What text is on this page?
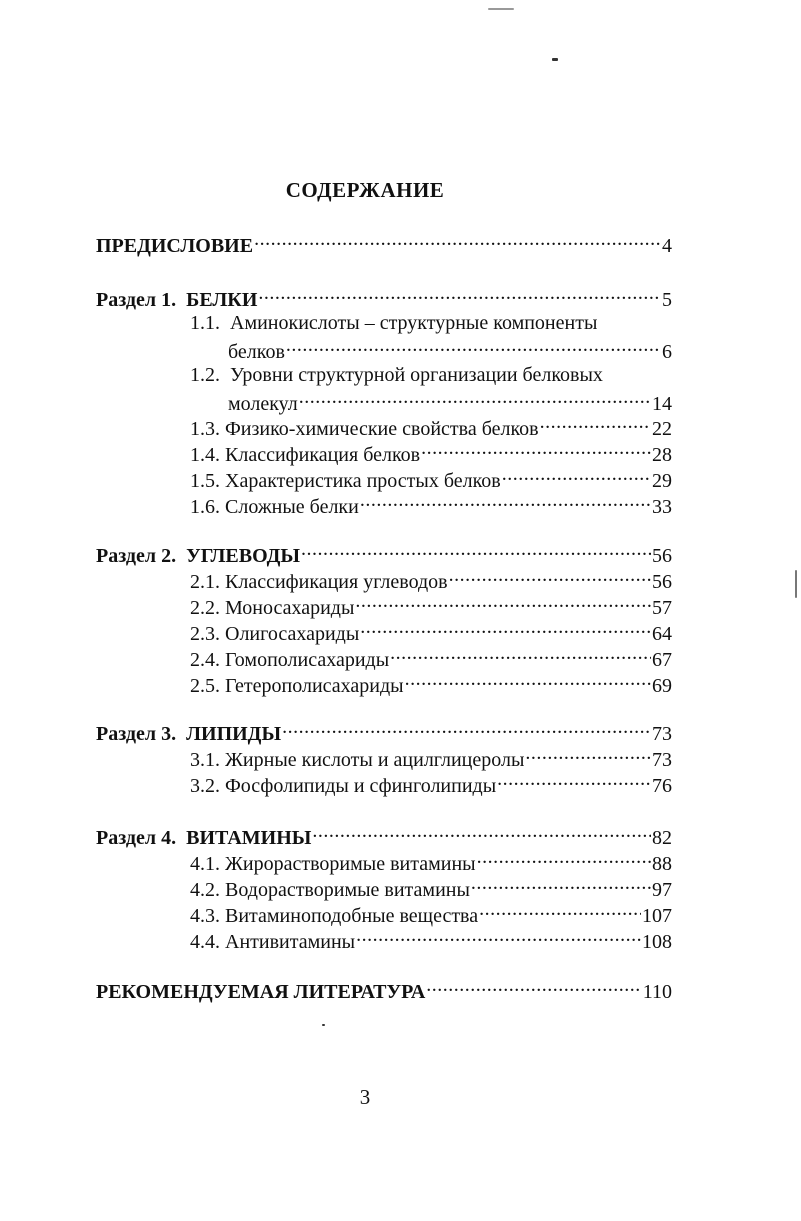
СОДЕРЖАНИЕ
ПРЕДИСЛОВИЕ .....	4
Раздел 1. БЕЛКИ .....	5
1.1. Аминокислоты – структурные компоненты
белков .....	6
1.2. Уровни структурной организации белковых
молекул .....	14
1.3. Физико-химические свойства белков .....	22
1.4. Классификация белков .....	28
1.5. Характеристика простых белков .....	29
1.6. Сложные белки .....	33
Раздел 2. УГЛЕВОДЫ .....	56
2.1. Классификация углеводов .....	56
2.2. Моносахариды .....	57
2.3. Олигосахариды .....	64
2.4. Гомополисахариды .....	67
2.5. Гетерополисахариды .....	69
Раздел 3. ЛИПИДЫ .....	73
3.1. Жирные кислоты и ацилглицеролы .....	73
3.2. Фосфолипиды и сфинголипиды .....	76
Раздел 4. ВИТАМИНЫ .....	82
4.1. Жирорастворимые витамины .....	88
4.2. Водорастворимые витамины .....	97
4.3. Витаминоподобные вещества .....	107
4.4. Антивитамины .....	108
РЕКОМЕНДУЕМАЯ ЛИТЕРАТУРА .....	110
3
